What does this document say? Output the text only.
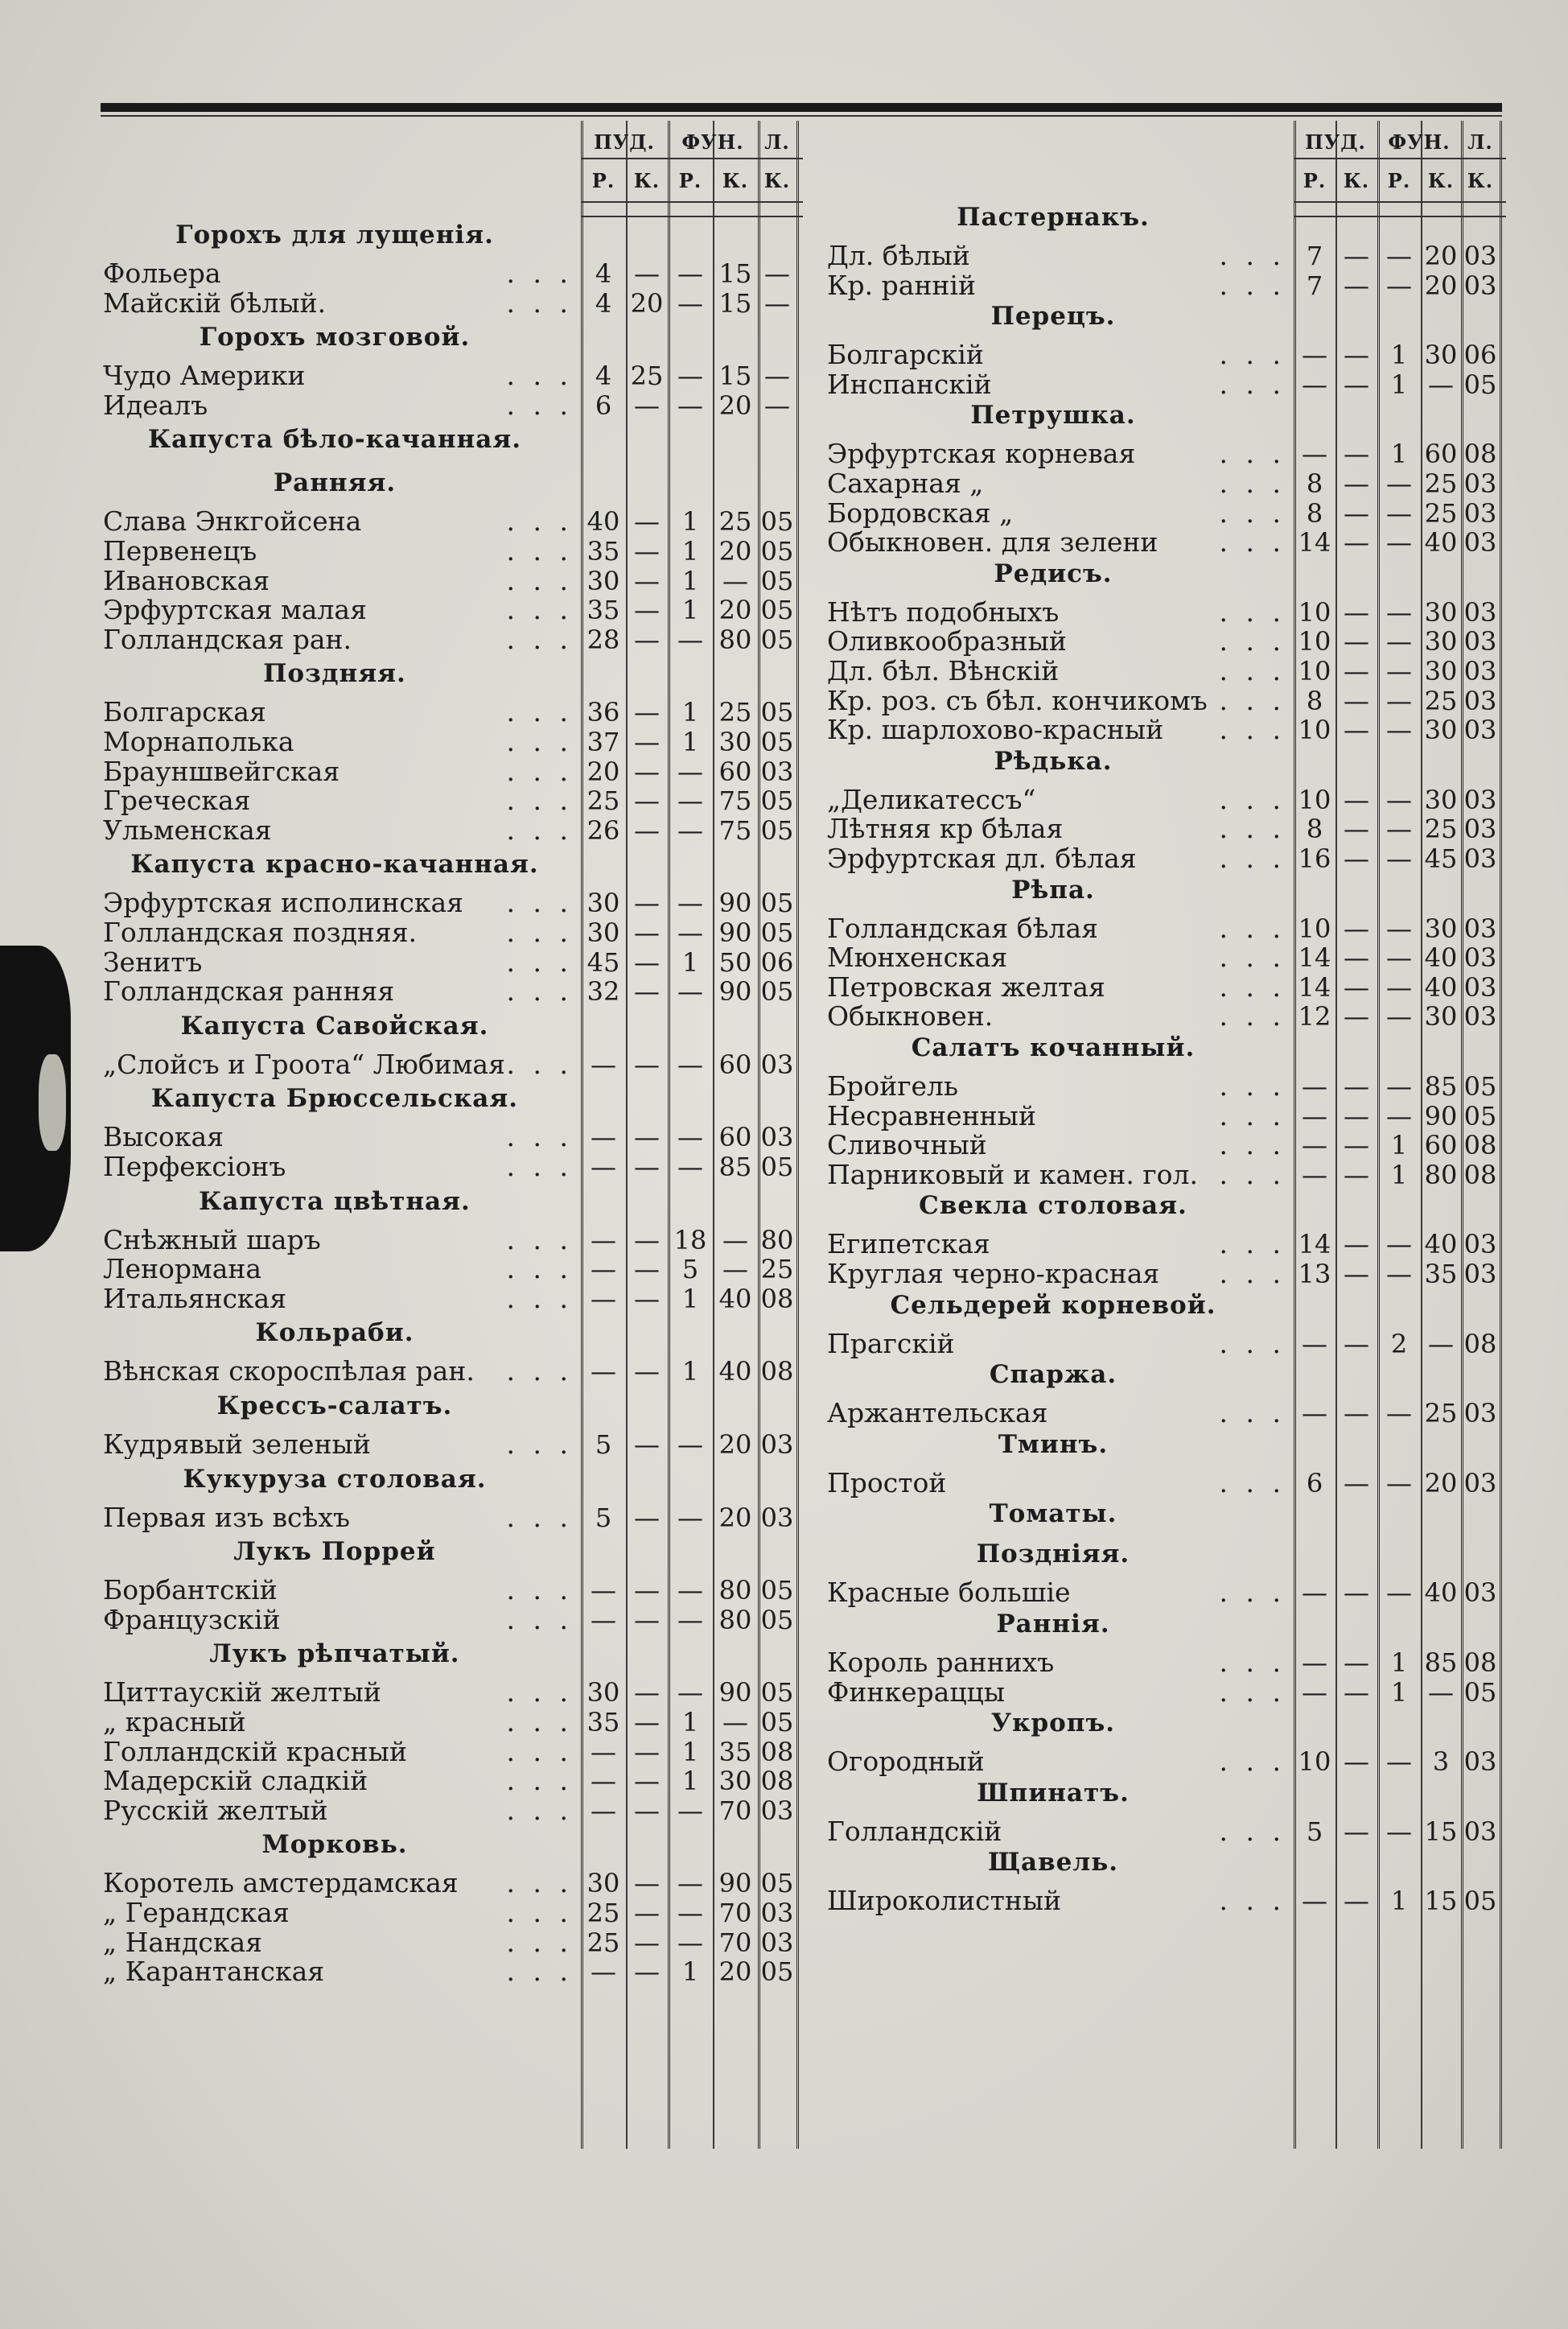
ПУД.	ФУН.	Л.
Р. К. Р.	К. К.
Горохъ для лущенія.
Фольера	. . . 4 — — 15 —
Майскій бѣлый.	. . . 4 20 — 15 —
Горохъ мозговой.
Чудо Америки	. . . 4 25 — 15 —
Идеалъ	. . . 6 — — 20 —
Капуста бѣло-качанная.
Ранняя.
Слава Энкгойсена	. . . 40 — 1 25 05
Первенецъ	. . . 35 — 1 20 05
Ивановская	. . . 30 — 1 — 05
Эрфуртская малая	. . . 35 — 1 20 05
Голландская ран.	. . . 28 — — 80 05
Поздняя.
Болгарская	. . . 36 — 1 25 05
Морнаполька	. . . 37 — 1 30 05
Брауншвейгская	. . . 20 — — 60 03
Греческая	. . . 25 — — 75 05
Ульменская	. . . 26 — — 75 05
Капуста красно-качанная.
Эрфуртская исполинская	. . . 30 — — 90 05
Голландская поздняя.	. . . 30 — — 90 05
Зенитъ	. . . 45 — 1 50 06
Голландская ранняя	. . . 32 — — 90 05
Капуста Савойская.
„Слойсъ и Гроота“ Любимая . . . — — — 60 03
Капуста Брюссельская.
Высокая	. . . — — — 60 03
Перфексіонъ	. . . — — — 85 05
Капуста цвѣтная.
Снѣжный шаръ	. . . — — 18 — 80
Ленормана	. . . — — 5 — 25
Итальянская	. . . — — 1 40 08
Кольраби.
Вѣнская скороспѣлая ран.	. . . — — 1 40 08
Крессъ-салатъ.
Кудрявый зеленый	. . . 5 — — 20 03
Кукуруза столовая.
Первая изъ всѣхъ	. . . 5 — — 20 03
Лукъ Поррей
Борбантскій	. . . — — — 80 05
Французскій	. . . — — — 80 05
Лукъ рѣпчатый.
Циттаускій желтый	. . . 30 — — 90 05
„ красный	. . . 35 — 1 — 05
Голландскій красный	. . . — — 1 35 08
Мадерскій сладкій	. . . — — 1 30 08
Русскій желтый	. . . — — — 70 03
Морковь.
Коротель амстердамская	. . . 30 — — 90 05
„ Герандская	. . . 25 — — 70 03
„ Нандская	. . . 25 — — 70 03
„ Карантанская	. . . — — 1 20 05
ПУД.	ФУН. Л.
Р. К. Р. К. К.
Пастернакъ.
Дл. бѣлый	. . . 7 — — 20 03
Кр. ранній	. . . 7 — — 20 03
Перецъ.
Болгарскій	. . . — — 1 30 06
Инспанскій	. . . — — 1 — 05
Петрушка.
Эрфуртская корневая	. . . — — 1 60 08
Сахарная „	. . . 8 — — 25 03
Бордовская „	. . . 8 — — 25 03
Обыкновен. для зелени	. . . 14 — — 40 03
Редисъ.
Нѣтъ подобныхъ	. . . 10 — — 30 03
Оливкообразный	. . . 10 — — 30 03
Дл. бѣл. Вѣнскій	. . . 10 — — 30 03
Кр. роз. съ бѣл. кончикомъ . . . 8 — — 25 03
Кр. шарлохово-красный	. . . 10 — — 30 03
Рѣдька.
„Деликатессъ“	. . . 10 — — 30 03
Лѣтняя кр бѣлая	. . . 8 — — 25 03
Эрфуртская дл. бѣлая	. . . 16 — — 45 03
Рѣпа.
Голландская бѣлая	. . . 10 — — 30 03
Мюнхенская	. . . 14 — — 40 03
Петровская желтая	. . . 14 — — 40 03
Обыкновен.	. . . 12 — — 30 03
Салатъ кочанный.
Бройгель	. . . — — — 85 05
Несравненный	. . . — — — 90 05
Сливочный	. . . — — 1 60 08
Парниковый и камен. гол. . . . — — 1 80 08
Свекла столовая.
Египетская	. . . 14 — — 40 03
Круглая черно-красная	. . . 13 — — 35 03
Сельдерей корневой.
Прагскій	. . . — — 2 — 08
Спаржа.
Аржантельская	. . . — — — 25 03
Тминъ.
Простой	. . . 6 — — 20 03
Томаты.
Поздніяя.
Красные большіе	. . . — — — 40 03
Раннія.
Король раннихъ	. . . — — 1 85 08
Финкераццы	. . . — — 1 — 05
Укропъ.
Огородный	. . . 10 — — 3 03
Шпинатъ.
Голландскій	. . . 5 — — 15 03
Щавель.
Широколистный	. . . — — 1 15 05
